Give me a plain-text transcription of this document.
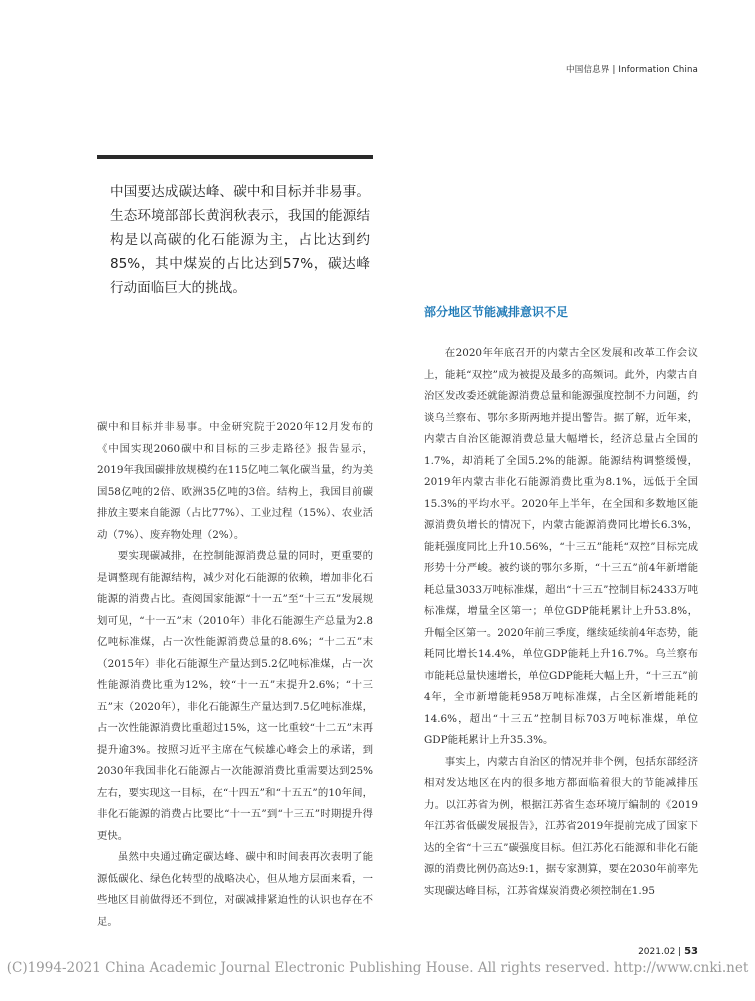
中国信息界 | Information China
中国要达成碳达峰、碳中和目标并非易事。生态环境部部长黄润秋表示，我国的能源结构是以高碳的化石能源为主，占比达到约85%，其中煤炭的占比达到57%，碳达峰行动面临巨大的挑战。
部分地区节能减排意识不足

碳中和目标并非易事。中金研究院于2020年12月发布的《中国实现2060碳中和目标的三步走路径》报告显示，2019年我国碳排放规模约在115亿吨二氧化碳当量，约为美国58亿吨的2倍、欧洲35亿吨的3倍。结构上，我国目前碳排放主要来自能源（占比77%）、工业过程（15%）、农业活动（7%）、废弃物处理（2%）。

要实现碳减排，在控制能源消费总量的同时，更重要的是调整现有能源结构，减少对化石能源的依赖，增加非化石能源的消费占比。查阅国家能源“十一五”至“十三五”发展规划可见，“十一五”末（2010年）非化石能源生产总量为2.8亿吨标准煤，占一次性能源消费总量的8.6%；“十二五”末（2015年）非化石能源生产量达到5.2亿吨标准煤，占一次性能源消费比重为12%，较“十一五”末提升2.6%；“十三五”末（2020年），非化石能源生产量达到7.5亿吨标准煤，占一次性能源消费比重超过15%，这一比重较“十二五”末再提升逾3%。按照习近平主席在气候雄心峰会上的承诺，到2030年我国非化石能源占一次能源消费比重需要达到25%左右，要实现这一目标，在“十四五”和“十五五”的10年间，非化石能源的消费占比要比“十一五”到“十三五”时期提升得更快。

虽然中央通过确定碳达峰、碳中和时间表再次表明了能源低碳化、绿色化转型的战略决心，但从地方层面来看，一些地区目前做得还不到位，对碳减排紧迫性的认识也存在不足。

在2020年年底召开的内蒙古全区发展和改革工作会议上，能耗“双控”成为被提及最多的高频词。此外，内蒙古自治区发改委还就能源消费总量和能源强度控制不力问题，约谈乌兰察布、鄂尔多斯两地并提出警告。据了解，近年来，内蒙古自治区能源消费总量大幅增长，经济总量占全国的1.7%，却消耗了全国5.2%的能源。能源结构调整缓慢，2019年内蒙古非化石能源消费比重为8.1%，远低于全国15.3%的平均水平。2020年上半年，在全国和多数地区能源消费负增长的情况下，内蒙古能源消费同比增长6.3%，能耗强度同比上升10.56%，“十三五”能耗“双控”目标完成形势十分严峻。被约谈的鄂尔多斯，“十三五”前4年新增能耗总量3033万吨标准煤，超出“十三五”控制目标2433万吨标准煤，增量全区第一；单位GDP能耗累计上升53.8%，升幅全区第一。2020年前三季度，继续延续前4年态势，能耗同比增长14.4%，单位GDP能耗上升16.7%。乌兰察布市能耗总量快速增长，单位GDP能耗大幅上升，“十三五”前4年，全市新增能耗958万吨标准煤，占全区新增能耗的14.6%，超出“十三五”控制目标703万吨标准煤，单位GDP能耗累计上升35.3%。

事实上，内蒙古自治区的情况并非个例，包括东部经济相对发达地区在内的很多地方都面临着很大的节能减排压力。以江苏省为例，根据江苏省生态环境厅编制的《2019年江苏省低碳发展报告》，江苏省2019年提前完成了国家下达的全省“十三五”碳强度目标。但江苏化石能源和非化石能源的消费比例仍高达9:1，据专家测算，要在2030年前率先实现碳达峰目标，江苏省煤炭消费必须控制在1.95

2021.02 | 53
(C)1994-2021 China Academic Journal Electronic Publishing House. All rights reserved. http://www.cnki.net
